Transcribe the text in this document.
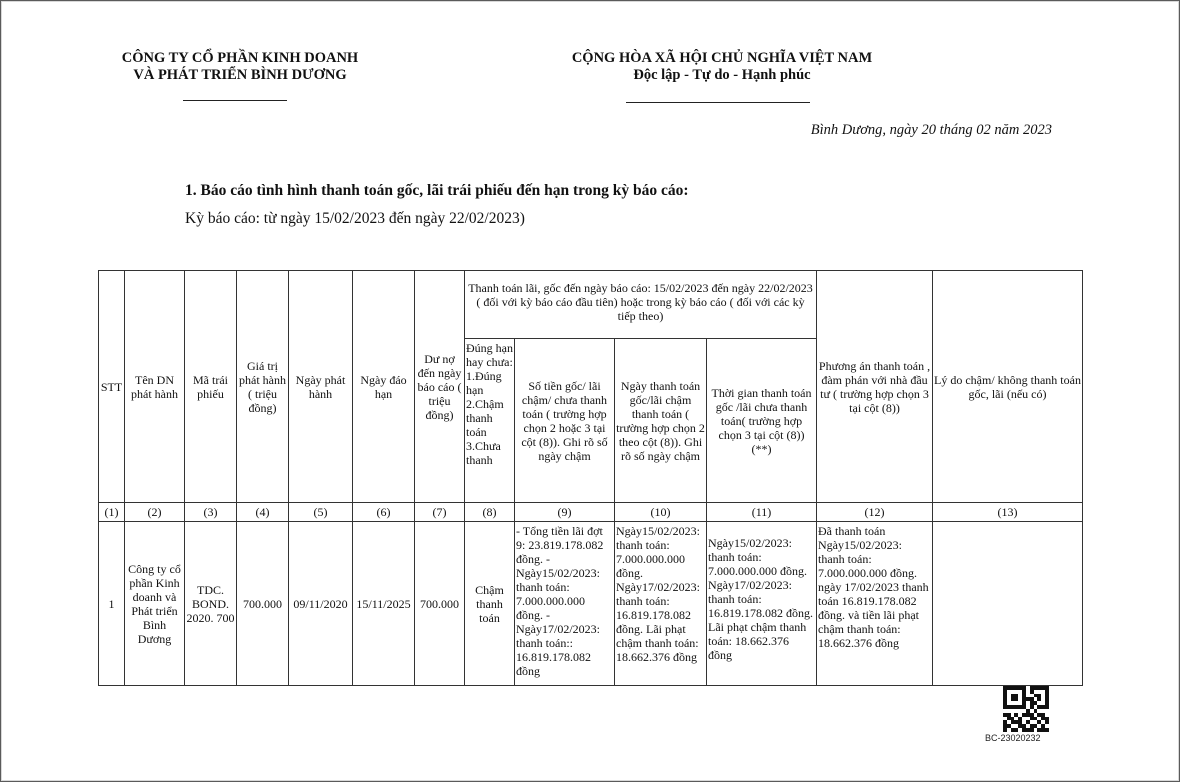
CÔNG TY CỔ PHẦN KINH DOANH
VÀ PHÁT TRIỂN BÌNH DƯƠNG
CỘNG HÒA XÃ HỘI CHỦ NGHĨA VIỆT NAM
Độc lập - Tự do - Hạnh phúc
Bình Dương, ngày 20 tháng 02 năm 2023
1. Báo cáo tình hình thanh toán gốc, lãi trái phiếu đến hạn trong kỳ báo cáo:
Kỳ báo cáo: từ ngày 15/02/2023 đến ngày 22/02/2023)
STT	Tên DN phát hành	Mã trái phiếu	Giá trị phát hành ( triệu đồng)	Ngày phát hành	Ngày đáo hạn	Dư nợ đến ngày báo cáo ( triệu đồng)	Thanh toán lãi, gốc đến ngày báo cáo: 15/02/2023 đến ngày 22/02/2023 ( đối với kỳ báo cáo đầu tiên) hoặc trong kỳ báo cáo ( đối với các kỳ tiếp theo)				Phương án thanh toán , đàm phán với nhà đầu tư ( trường hợp chọn 3 tại cột (8))	Lý do chậm/ không thanh toán gốc, lãi (nếu có)

							Đúng hạn hay chưa: 1.Đúng hạn 2.Chậm thanh toán 3.Chưa thanh	Số tiền gốc/ lãi chậm/ chưa thanh toán ( trường hợp chọn 2 hoặc 3 tại cột (8)). Ghi rõ số ngày chậm	Ngày thanh toán gốc/lãi chậm thanh toán ( trường hợp chọn 2 theo cột (8)). Ghi rõ số ngày chậm	Thời gian thanh toán gốc /lãi chưa thanh toán( trường hợp chọn 3 tại cột (8)) (**)		
(1)	(2)	(3)	(4)	(5)	(6)	(7)	(8)	(9)	(10)	(11)	(12)	(13)
1	Công ty cổ phần Kinh doanh và Phát triển Bình Dương	TDC. BOND. 2020. 700	700.000	09/11/2020	15/11/2025	700.000	Chậm thanh toán	- Tổng tiền lãi đợt 9: 23.819.178.082 đồng. - Ngày15/02/2023: thanh toán: 7.000.000.000 đồng. - Ngày17/02/2023: thanh toán:: 16.819.178.082 đồng	Ngày15/02/2023: thanh toán: 7.000.000.000 đồng. Ngày17/02/2023: thanh toán: 16.819.178.082 đồng. Lãi phạt chậm thanh toán: 18.662.376 đồng	Ngày15/02/2023: thanh toán: 7.000.000.000 đồng. Ngày17/02/2023: thanh toán: 16.819.178.082 đồng. Lãi phạt chậm thanh toán: 18.662.376 đồng	Đã thanh toán Ngày15/02/2023: thanh toán: 7.000.000.000 đồng. ngày 17/02/2023 thanh toán 16.819.178.082 đồng. và tiền lãi phạt chậm thanh toán: 18.662.376 đồng	

BC-23020232
